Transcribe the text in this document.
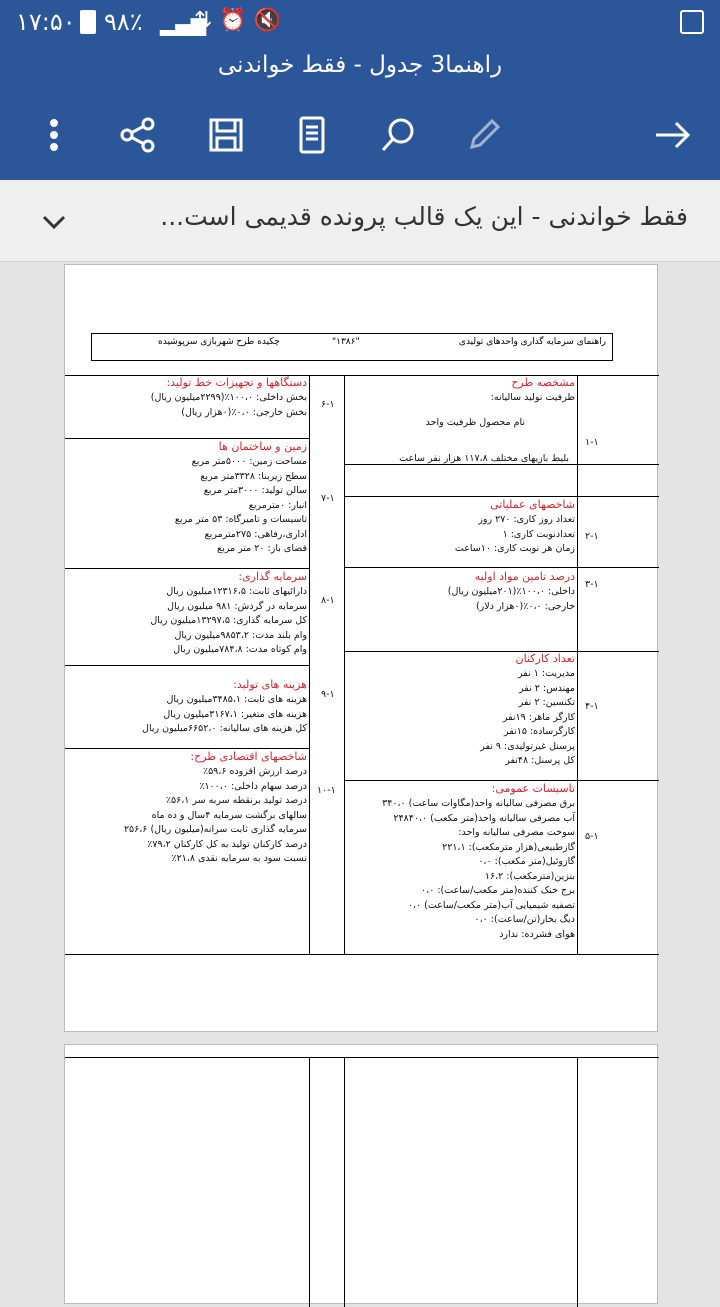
۱۷:۵۰ ۹۸٪ ▂▄▆
⇅ ⏰ 🔇
راهنما3 جدول - فقط خواندنی
فقط خواندنی - این یک قالب پرونده قدیمی است...
راهنمای سرمایه گذاری واحدهای تولیدی
"۱۳۸۶"
چکیده طرح شهربازی سرپوشیده
مشخصه طرح
ظرفیت تولید سالیانه:
نام محصول ظرفیت واحد
بلیط بازیهای مختلف ۱۱۷،۸ هزار نفر ساعت
۱-۱
شاخصهای عملیاتی
تعداد روز کاری: ۲۷۰ روز
تعدادنوبت کاری: ۱
زمان هر نوبت کاری: ۱۰ساعت
۲-۱
درصد تامین مواد اولیه
داخلی: ۱۰۰،۰٪(۲۰۱میلیون ریال)
خارجی: ۰،۰٪(۰هزار دلار)
۳-۱
تعداد کارکنان
مدیریت: ۱ نفر
مهندس: ۲ نفر
تکنسین: ۲ نفر
کارگر ماهر: ۱۹نفر
کارگرساده: ۱۵نفر
پرسنل غیرتولیدی: ۹ نفر
کل پرسنل: ۴۸نفر
۴-۱
تاسیسات عمومی:
برق مصرفی سالیانه واحد(مگاوات ساعت) ۳۴۰،۰
آب مصرفی سالیانه واحد(متر مکعب) ۲۴۸۴۰،۰
سوخت مصرفی سالیانه واحد:
گازطبیعی(هزار مترمکعب): ۲۲۱،۱
گازوئیل(متر مکعب): ۰،۰
بنزین(مترمکعب): ۱۶،۲
برج خنک کننده(متر مکعب/ساعت): ۰،۰
تصفیه شیمیایی آب(متر مکعب/ساعت) ۰،۰
دیگ بخار(تن/ساعت): ۰،۰
هوای فشرده: ندارد
۵-۱
دستگاهها و تجهیزات خط تولید:
بخش داخلی: ۱۰۰،۰٪(۲۲۹۹میلیون ریال)
بخش خارجی: ۰،۰٪(۰هزار ریال)
۶-۱
زمین و ساختمان ها
مساحت زمین: ۵۰۰۰متر مربع
سطح زیربنا: ۳۳۲۸متر مربع
سالن تولید: ۳۰۰۰متر مربع
انبار: ۰مترمربع
تاسیسات و تامیرگاه: ۵۳ متر مربع
اداری،رفاهی: ۲۷۵مترمربع
فضای باز: ۲۰ متر مربع
۷-۱
سرمایه گذاری:
دارائیهای ثابت: ۱۲۳۱۶،۵میلیون ریال
سرمایه در گردش: ۹۸۱ میلیون ریال
کل سرمایه گذاری: ۱۳۲۹۷،۵میلیون ریال
وام بلند مدت: ۹۸۵۳،۲میلیون ریال
وام کوتاه مدت: ۷۸۴،۸میلیون ریال
۸-۱
هزینه های تولید:
هزینه های ثابت: ۳۴۸۵،۱میلیون ریال
هزینه های متغیر: ۳۱۶۷،۱میلیون ریال
کل هزینه های سالیانه: ۶۶۵۲،۰میلیون ریال
۹-۱
شاخصهای اقتصادی طرح:
درصد ارزش افزوده ۵۹،۶٪
درصد سهام داخلی: ۱۰۰،۰٪
درصد تولید برنقطه سربه سر ۵۶،۱٪
سالهای برگشت سرمایه ۴سال و ده ماه
سرمایه گذاری ثابت سرانه(میلیون ریال) ۲۵۶،۶
درصد کارکنان تولید به کل کارکنان ۷۹،۲٪
نسبت سود به سرمایه نقدی ۲۱،۸٪
۱۰-۱
